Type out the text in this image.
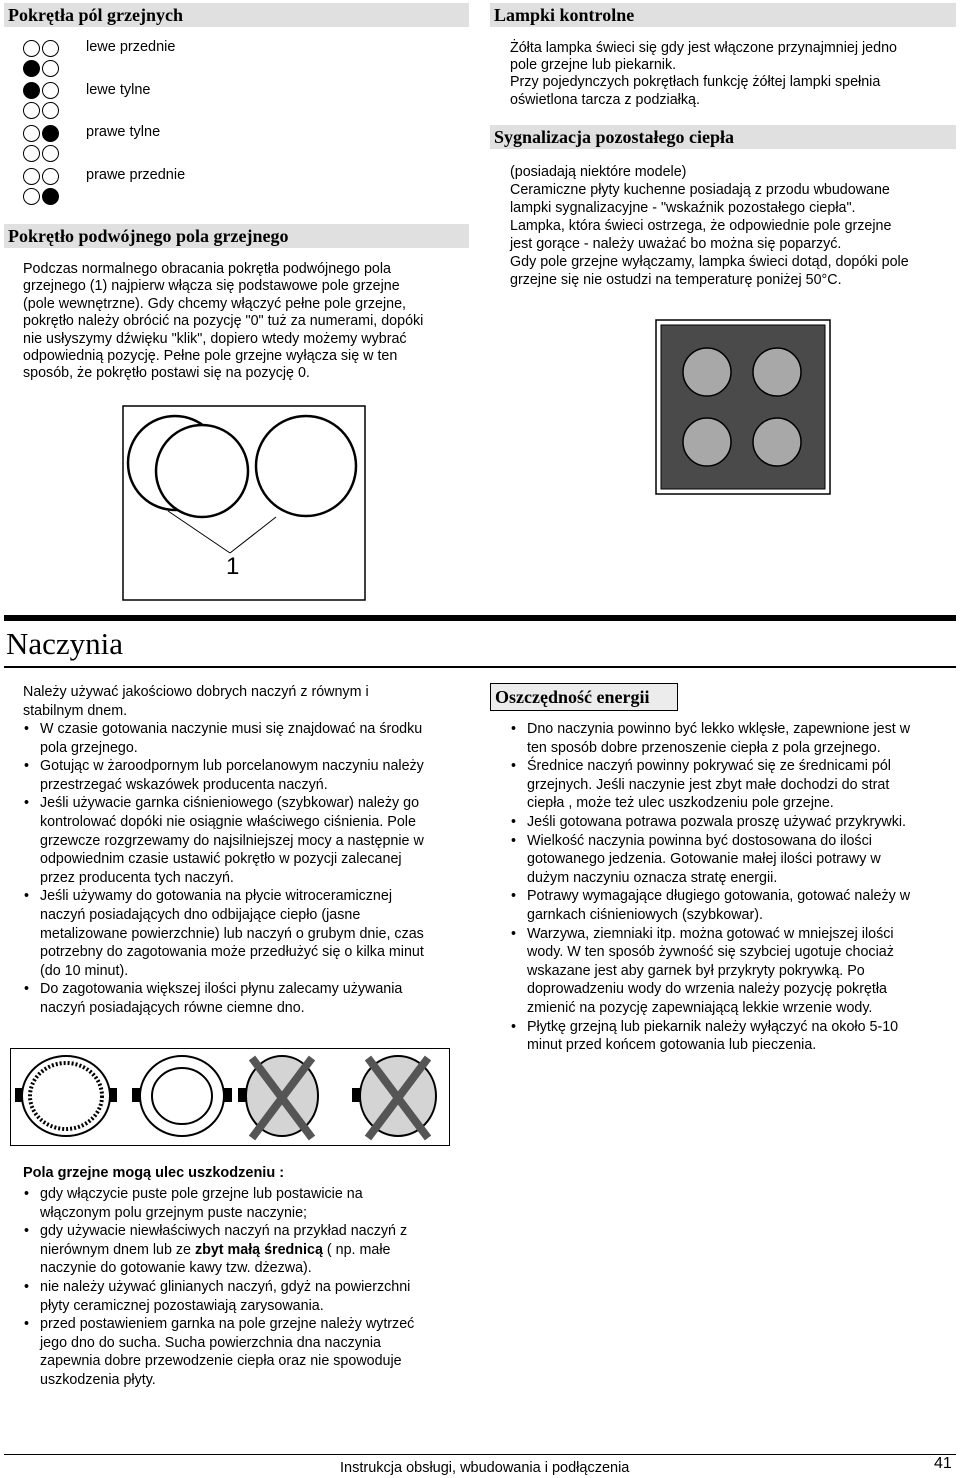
Pokrętła pól grzejnych
lewe przednie
lewe tylne
prawe tylne
prawe przednie
Pokrętło podwójnego pola grzejnego
Podczas normalnego obracania pokrętła podwójnego pola
grzejnego (1) najpierw włącza się podstawowe pole grzejne
(pole wewnętrzne). Gdy chcemy włączyć pełne pole grzejne,
pokrętło należy obrócić na pozycję "0" tuż za numerami, dopóki
nie usłyszymy dźwięku "klik", dopiero wtedy możemy wybrać
odpowiednią pozycję. Pełne pole grzejne wyłącza się w ten
sposób, że pokrętło postawi się na pozycję 0.
1
Lampki kontrolne
Żółta lampka świeci się gdy jest włączone przynajmniej jedno
pole grzejne lub piekarnik.
Przy pojedynczych pokrętłach funkcję żółtej lampki spełnia
oświetlona tarcza z podziałką.
Sygnalizacja pozostałego ciepła
(posiadają niektóre modele)
Ceramiczne płyty kuchenne posiadają z przodu wbudowane
lampki sygnalizacyjne - "wskaźnik pozostałego ciepła".
Lampka, która świeci ostrzega, że odpowiednie pole grzejne
jest gorące - należy uważać bo można się poparzyć.
Gdy pole grzejne wyłączamy, lampka świeci dotąd, dopóki pole
grzejne się nie ostudzi na temperaturę poniżej 50°C.
Naczynia
Należy używać jakościowo dobrych naczyń z równym i
stabilnym dnem.
• W czasie gotowania naczynie musi się znajdować na środku
pola grzejnego.
• Gotując w żaroodpornym lub porcelanowym naczyniu należy
przestrzegać wskazówek producenta naczyń.
• Jeśli używacie garnka ciśnieniowego (szybkowar) należy go
kontrolować dopóki nie osiągnie właściwego ciśnienia. Pole
grzewcze rozgrzewamy do najsilniejszej mocy a następnie w
odpowiednim czasie ustawić pokrętło w pozycji zalecanej
przez producenta tych naczyń.
• Jeśli używamy do gotowania na płycie witroceramicznej
naczyń posiadających dno odbijające ciepło (jasne
metalizowane powierzchnie) lub naczyń o grubym dnie, czas
potrzebny do zagotowania może przedłużyć się o kilka minut
(do 10 minut).
• Do zagotowania większej ilości płynu zalecamy używania
naczyń posiadających równe ciemne dno.
Oszczędność energii
• Dno naczynia powinno być lekko wklęsłe, zapewnione jest w
ten sposób dobre przenoszenie ciepła z pola grzejnego.
• Średnice naczyń powinny pokrywać się ze średnicami pól
grzejnych. Jeśli naczynie jest zbyt małe dochodzi do strat
ciepła , może też ulec uszkodzeniu pole grzejne.
• Jeśli gotowana potrawa pozwala proszę używać przykrywki.
• Wielkość naczynia powinna być dostosowana do ilości
gotowanego jedzenia. Gotowanie małej ilości potrawy w
dużym naczyniu oznacza stratę energii.
• Potrawy wymagające długiego gotowania, gotować należy w
garnkach ciśnieniowych (szybkowar).
• Warzywa, ziemniaki itp. można gotować w mniejszej ilości
wody. W ten sposób żywność się szybciej ugotuje chociaż
wskazane jest aby garnek był przykryty pokrywką. Po
doprowadzeniu wody do wrzenia należy pozycję pokrętła
zmienić na pozycję zapewniającą lekkie wrzenie wody.
• Płytkę grzejną lub piekarnik należy wyłączyć na około 5-10
minut przed końcem gotowania lub pieczenia.
Pola grzejne mogą ulec uszkodzeniu :
• gdy włączycie puste pole grzejne lub postawicie na
włączonym polu grzejnym puste naczynie;
• gdy używacie niewłaściwych naczyń na przykład naczyń z
nierównym dnem lub ze zbyt małą średnicą ( np. małe
naczynie do gotowanie kawy tzw. dżezwa).
• nie należy używać glinianych naczyń, gdyż na powierzchni
płyty ceramicznej pozostawiają zarysowania.
• przed postawieniem garnka na pole grzejne należy wytrzeć
jego dno do sucha. Sucha powierzchnia dna naczynia
zapewnia dobre przewodzenie ciepła oraz nie spowoduje
uszkodzenia płyty.
Instrukcja obsługi, wbudowania i podłączenia	41
